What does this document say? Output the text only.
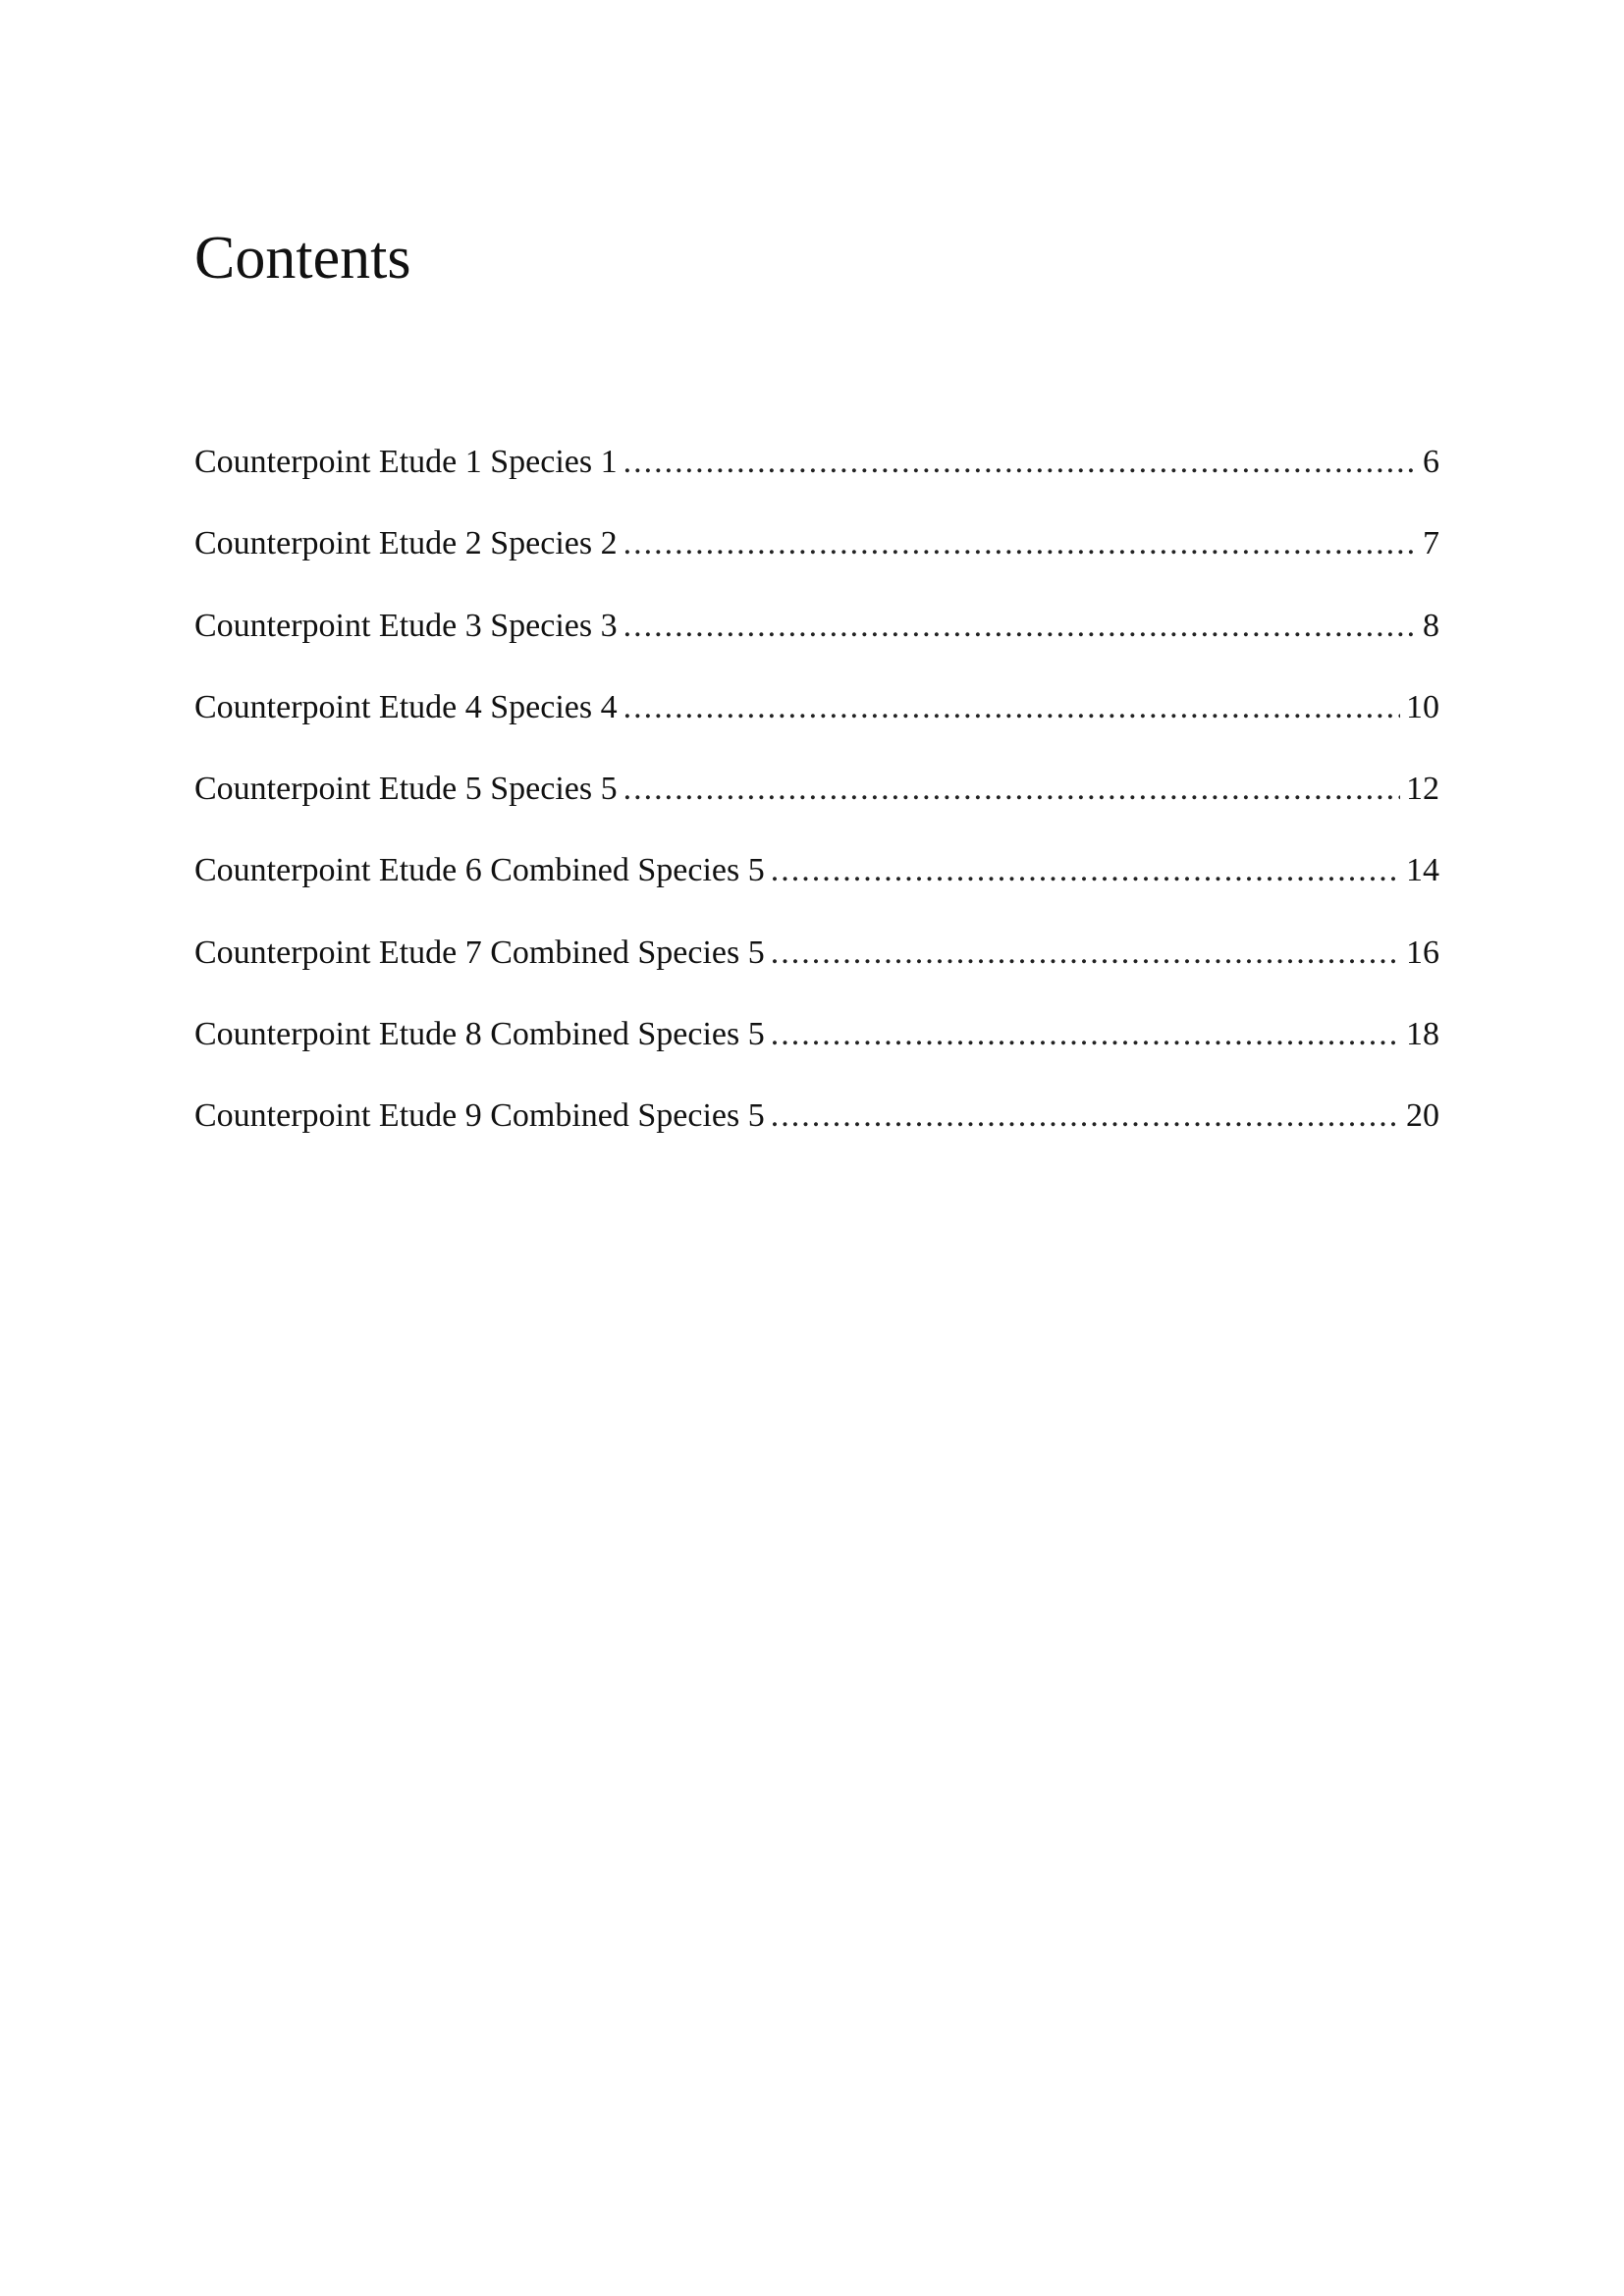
Contents
Counterpoint Etude 1 Species 1 .....	6
Counterpoint Etude 2 Species 2 .....	7
Counterpoint Etude 3 Species 3 .....	8
Counterpoint Etude 4 Species 4 .....	10
Counterpoint Etude 5 Species 5 .....	12
Counterpoint Etude 6 Combined Species 5 .....	14
Counterpoint Etude 7 Combined Species 5 .....	16
Counterpoint Etude 8 Combined Species 5 .....	18
Counterpoint Etude 9 Combined Species 5 .....	20
